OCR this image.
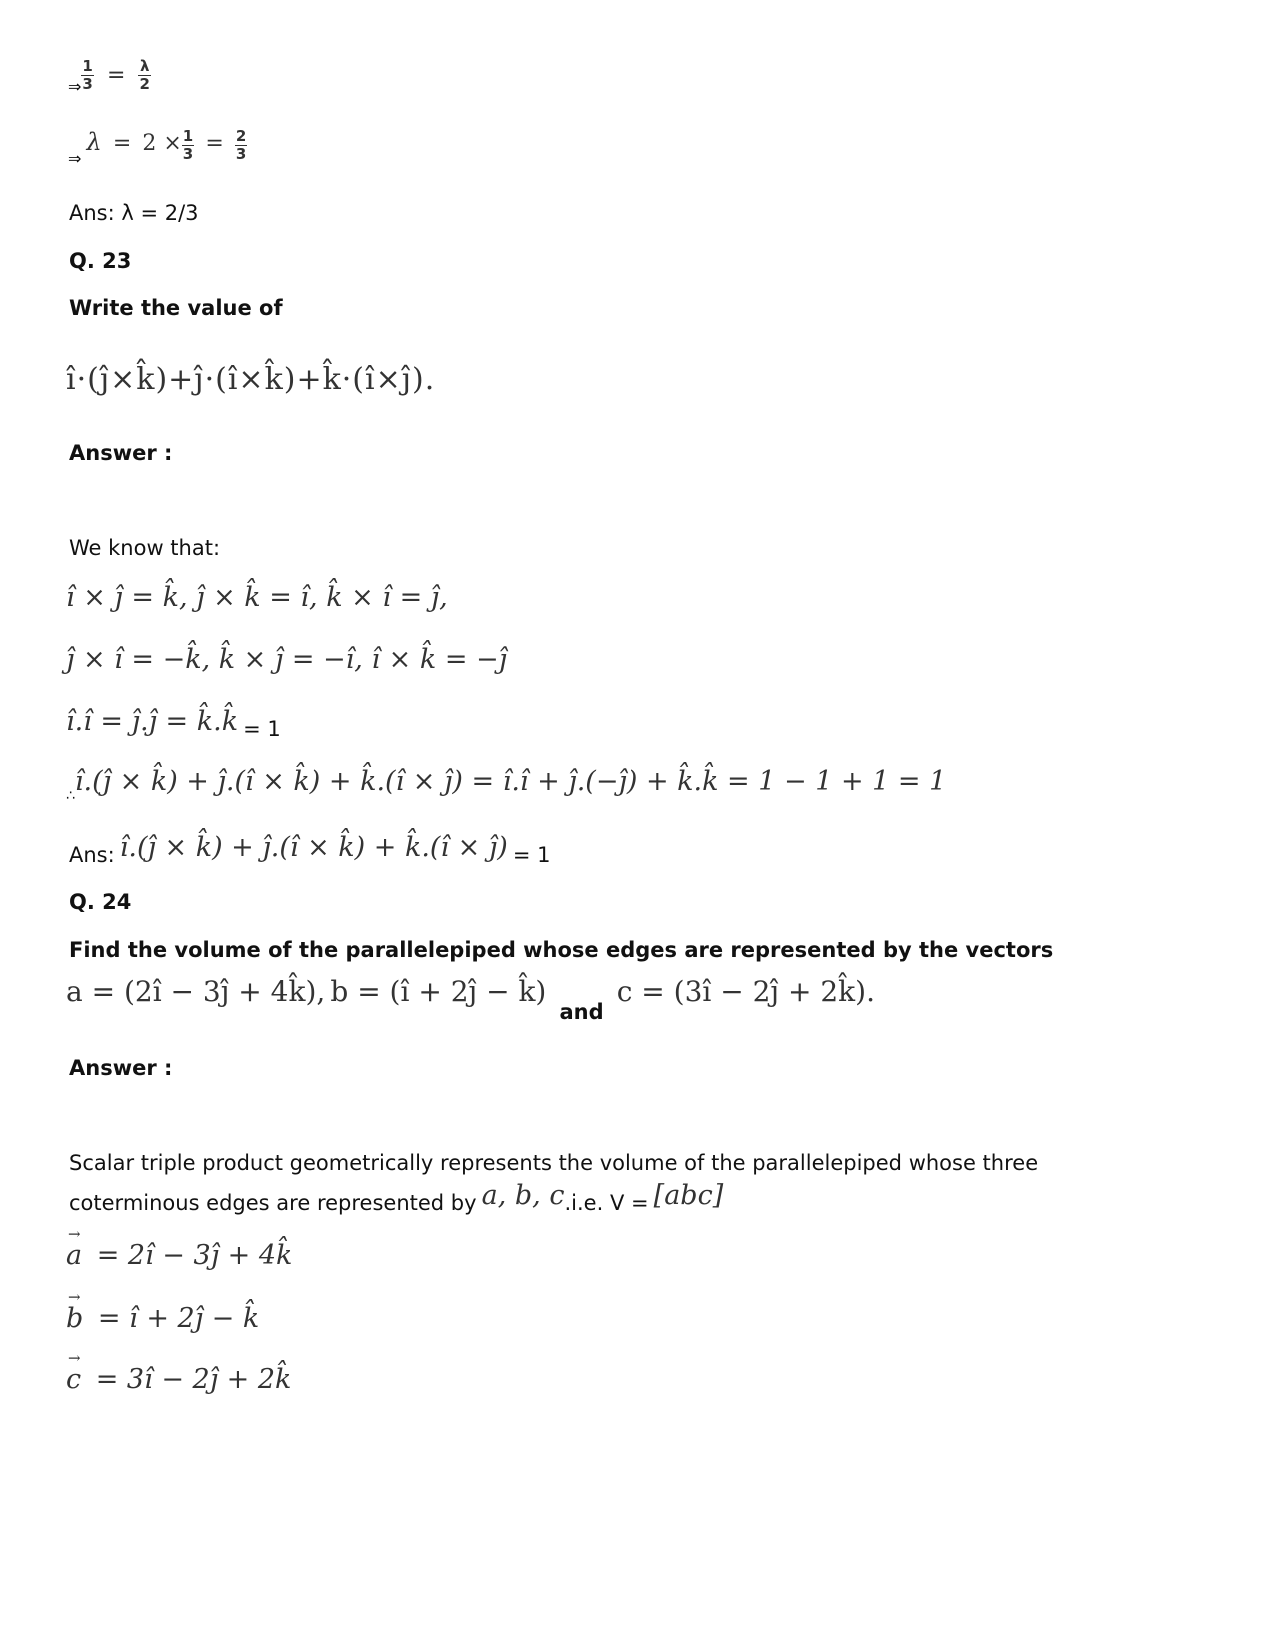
⇒ $\frac{1}{3} = \frac{\lambda}{2}$
⇒ $\lambda = 2 \times \frac{1}{3} = \frac{2}{3}$
Ans: λ = 2/3
Q. 23
Write the value of
î·(ĵ×k̂)+ĵ·(î×k̂)+k̂·(î×ĵ).
Answer :
We know that:
î × ĵ = k̂, ĵ × k̂ = î, k̂ × î = ĵ,
ĵ × î = −k̂, k̂ × ĵ = −î, î × k̂ = −ĵ
î.î = ĵ.ĵ = k̂.k̂ = 1
∴î.(ĵ × k̂) + ĵ.(î × k̂) + k̂.(î × ĵ) = î.î + ĵ.(−ĵ) + k̂.k̂ = 1 − 1 + 1 = 1
Ans: î.(ĵ × k̂) + ĵ.(î × k̂) + k̂.(î × ĵ) = 1
Q. 24
Find the volume of the parallelepiped whose edges are represented by the vectors
a = (2î − 3ĵ + 4k̂), b = (î + 2ĵ − k̂) and c = (3î − 2ĵ + 2k̂).
Answer :
Scalar triple product geometrically represents the volume of the parallelepiped whose three
coterminous edges are represented by a, b, c.i.e. V = [abc]
→ a = 2î − 3ĵ + 4k̂
→ b = î + 2ĵ − k̂
→ c = 3î − 2ĵ + 2k̂
